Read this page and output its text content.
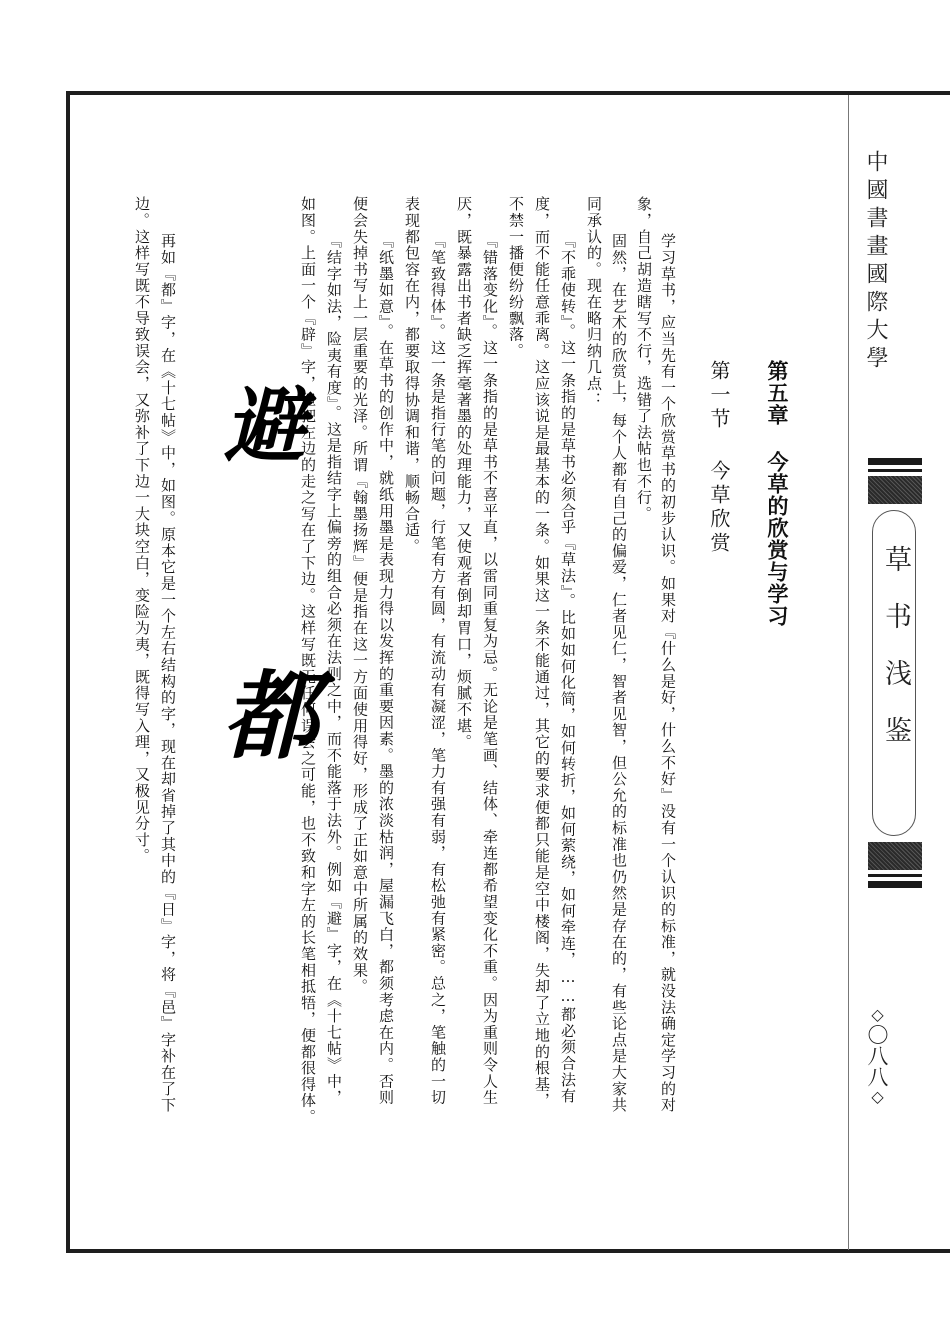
中國書畫國際大學
草书浅鉴
◇〇八八◇
第五章 今草的欣赏与学习
第一节 今草欣赏
学习草书，应当先有一个欣赏草书的初步认识。如果对『什么是好，什么不好』没有一个认识的标准，就没法确定学习的对
象，自己胡造瞎写不行，选错了法帖也不行。
固然，在艺术的欣赏上，每个人都有自己的偏爱，仁者见仁，智者见智，但公允的标准也仍然是存在的，有些论点是大家共
同承认的。现在略归纳几点：
『不乖使转』。这一条指的是草书必须合乎『草法』。比如如何化简，如何转折，如何萦绕，如何牵连，……都必须合法有
度，而不能任意乖离。这应该说是最基本的一条。如果这一条不能通过，其它的要求便都只能是空中楼阁，失却了立地的根基，
不禁一播便纷纷飘落。
『错落变化』。这一条指的是草书不喜平直，以雷同重复为忌。无论是笔画、结体、牵连都希望变化不重。因为重则令人生
厌，既暴露出书者缺乏挥毫著墨的处理能力，又使观者倒却胃口，烦腻不堪。
『笔致得体』。这一条是指行笔的问题，行笔有方有圆，有流动有凝涩，笔力有强有弱，有松弛有紧密。总之，笔触的一切
表现都包容在内，都要取得协调和谐，顺畅合适。
『纸墨如意』。在草书的创作中，就纸用墨是表现力得以发挥的重要因素。墨的浓淡枯润，屋漏飞白，都须考虑在内。否则
便会失掉书写上一层重要的光泽。所谓『翰墨扬辉』便是指在这一方面使用得好，形成了正如意中所属的效果。
『结字如法，险夷有度』。这是指结字上偏旁的组合必须在法则之中，而不能落于法外。例如『避』字，在《十七帖》中，
如图。上面一个『辟』字，但把左边的走之写在了下边。这样写既无任何误会之可能，也不致和字左的长笔相抵牾，便都很得体。
再如『都』字，在《十七帖》中，如图。原本它是一个左右结构的字，现在却省掉了其中的『日』字，将『邑』字补在了下
边。这样写既不导致误会，又弥补了下边一大块空白，变险为夷，既得写入理，又极见分寸。 避
都
